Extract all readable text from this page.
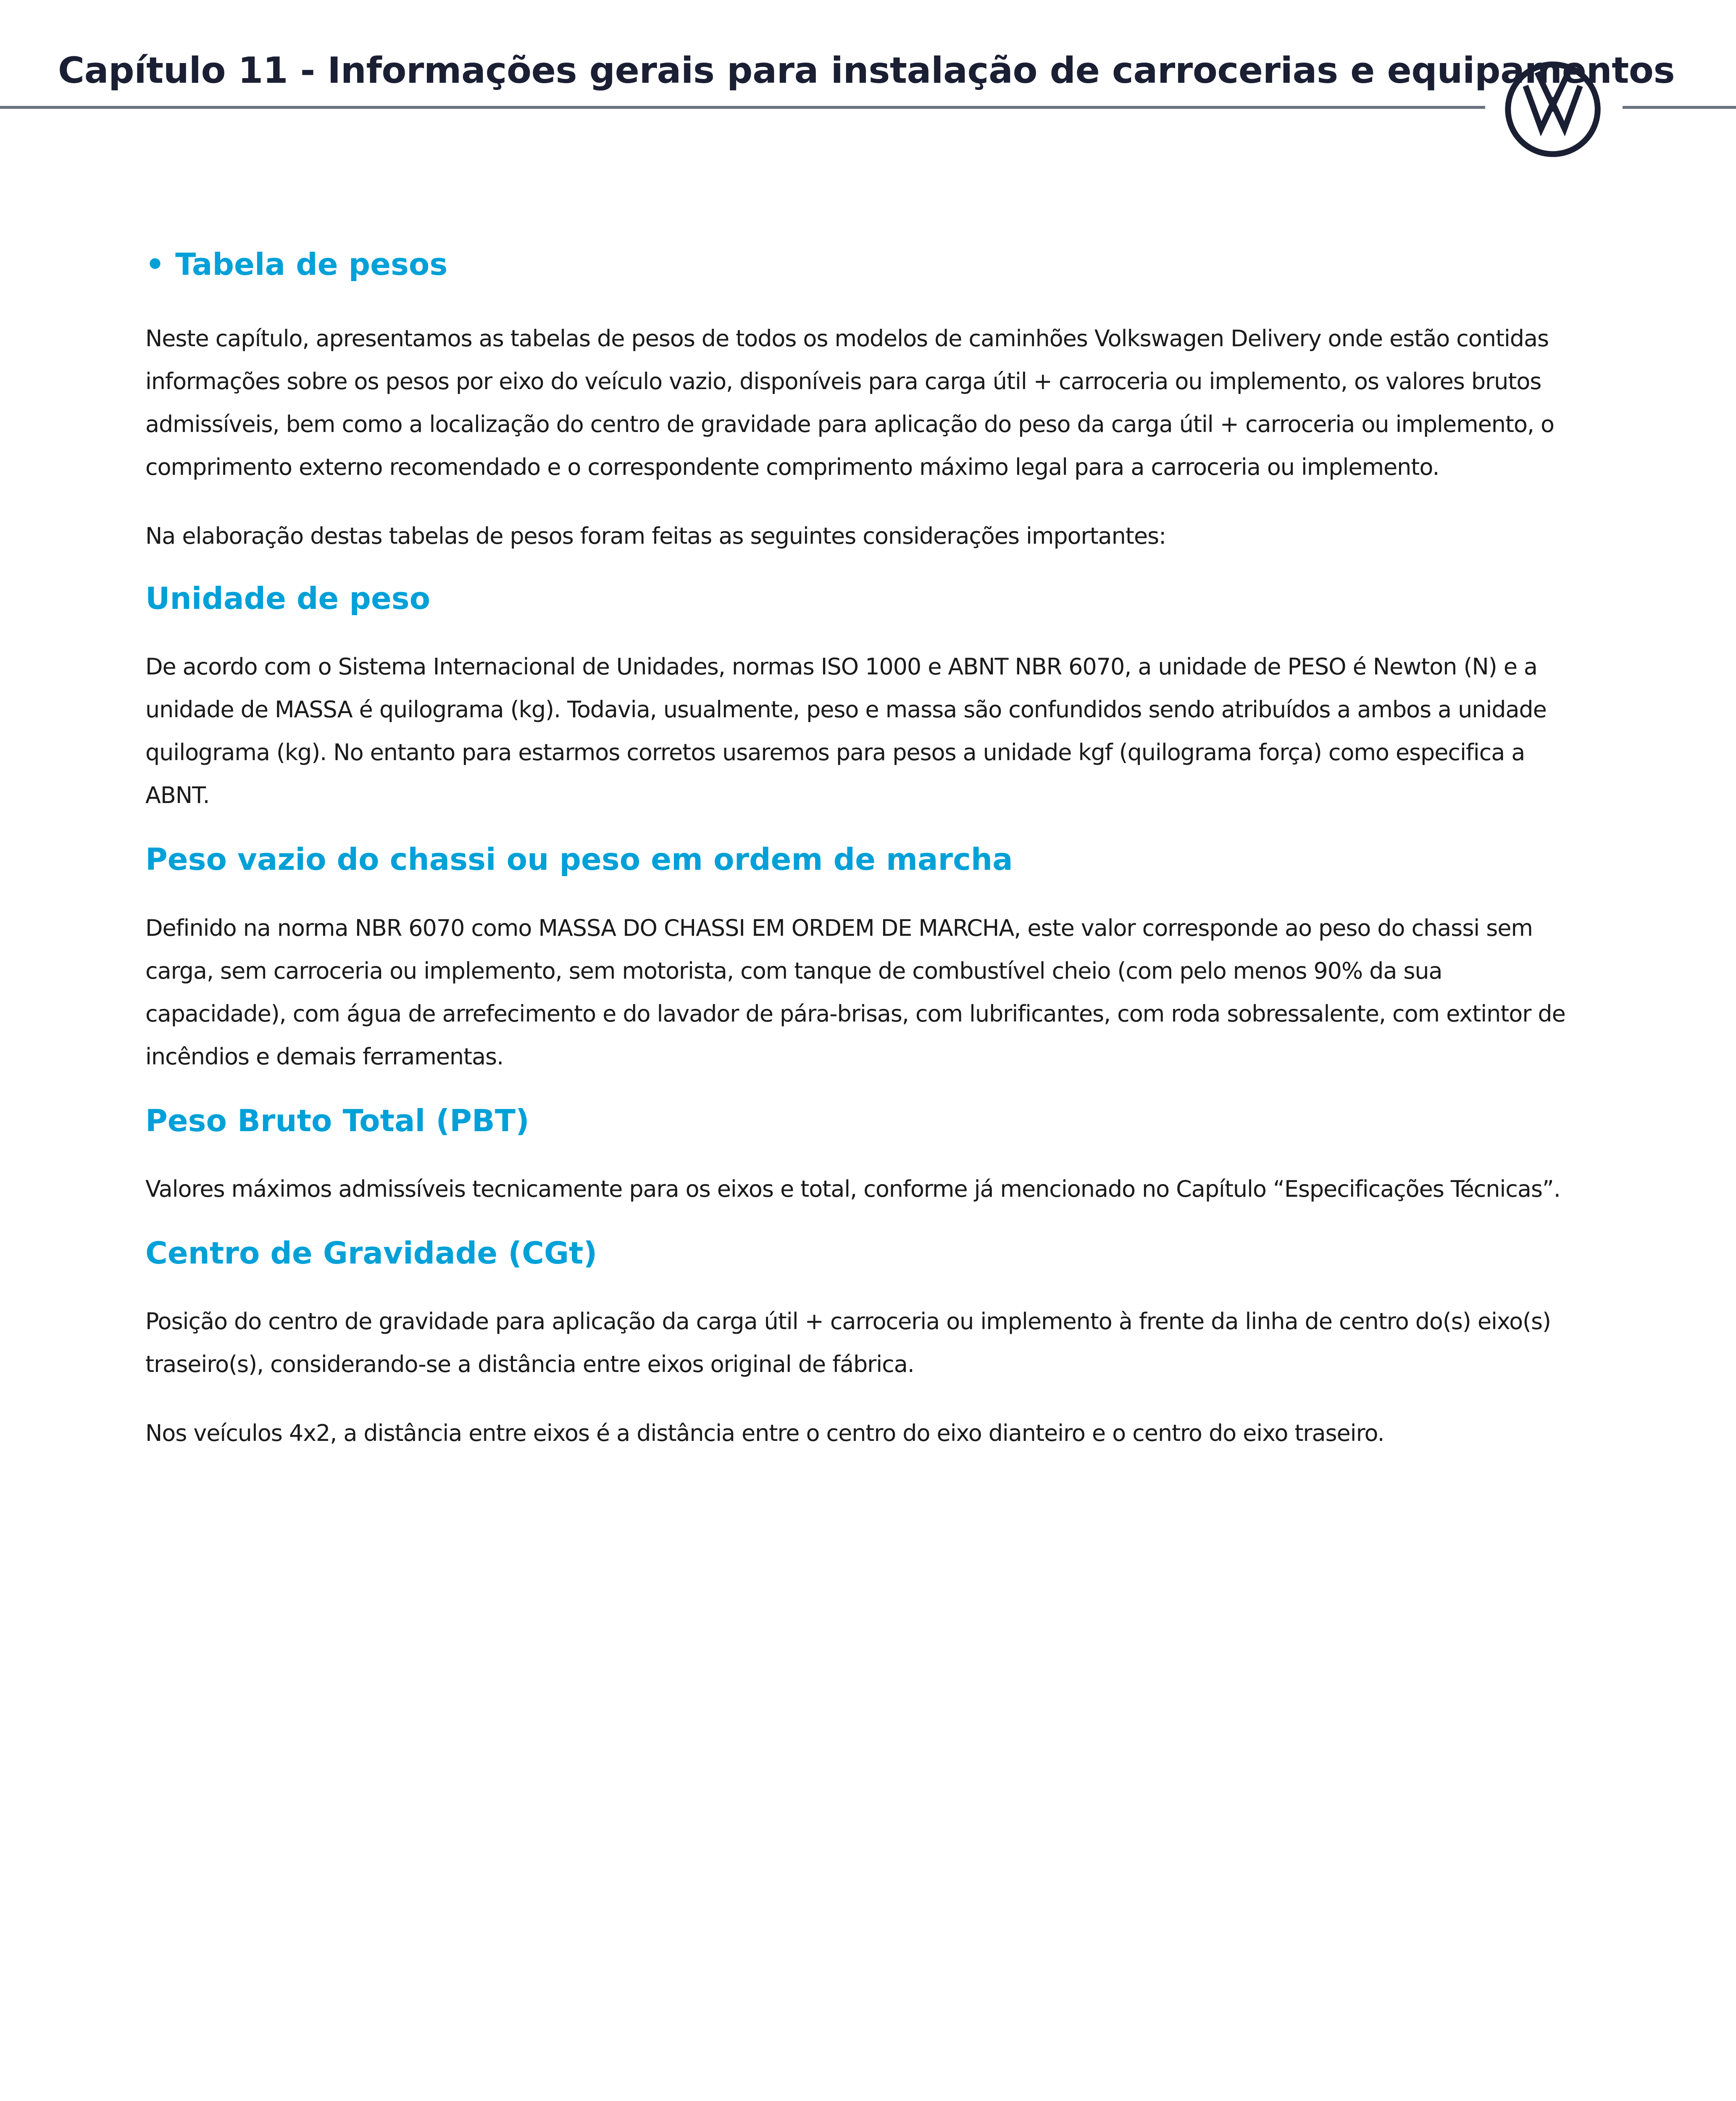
Capítulo 11 - Informações gerais para instalação de carrocerias e equipamentos
• Tabela de pesos

Neste capítulo, apresentamos as tabelas de pesos de todos os modelos de caminhões Volkswagen Delivery onde estão contidas informações sobre os pesos por eixo do veículo vazio, disponíveis para carga útil + carroceria ou implemento, os valores brutos admissíveis, bem como a localização do centro de gravidade para aplicação do peso da carga útil + carroceria ou implemento, o comprimento externo recomendado e o correspondente comprimento máximo legal para a carroceria ou implemento.

Na elaboração destas tabelas de pesos foram feitas as seguintes considerações importantes:

Unidade de peso

De acordo com o Sistema Internacional de Unidades, normas ISO 1000 e ABNT NBR 6070, a unidade de PESO é Newton (N) e a unidade de MASSA é quilograma (kg). Todavia, usualmente, peso e massa são confundidos sendo atribuídos a ambos a unidade quilograma (kg). No entanto para estarmos corretos usaremos para pesos a unidade kgf (quilograma força) como especifica a ABNT.

Peso vazio do chassi ou peso em ordem de marcha

Definido na norma NBR 6070 como MASSA DO CHASSI EM ORDEM DE MARCHA, este valor corresponde ao peso do chassi sem carga, sem carroceria ou implemento, sem motorista, com tanque de combustível cheio (com pelo menos 90% da sua capacidade), com água de arrefecimento e do lavador de pára-brisas, com lubrificantes, com roda sobressalente, com extintor de incêndios e demais ferramentas.

Peso Bruto Total (PBT)

Valores máximos admissíveis tecnicamente para os eixos e total, conforme já mencionado no Capítulo “Especificações Técnicas”.

Centro de Gravidade (CGt)

Posição do centro de gravidade para aplicação da carga útil + carroceria ou implemento à frente da linha de centro do(s) eixo(s) traseiro(s), considerando-se a distância entre eixos original de fábrica.

Nos veículos 4x2, a distância entre eixos é a distância entre o centro do eixo dianteiro e o centro do eixo traseiro.
